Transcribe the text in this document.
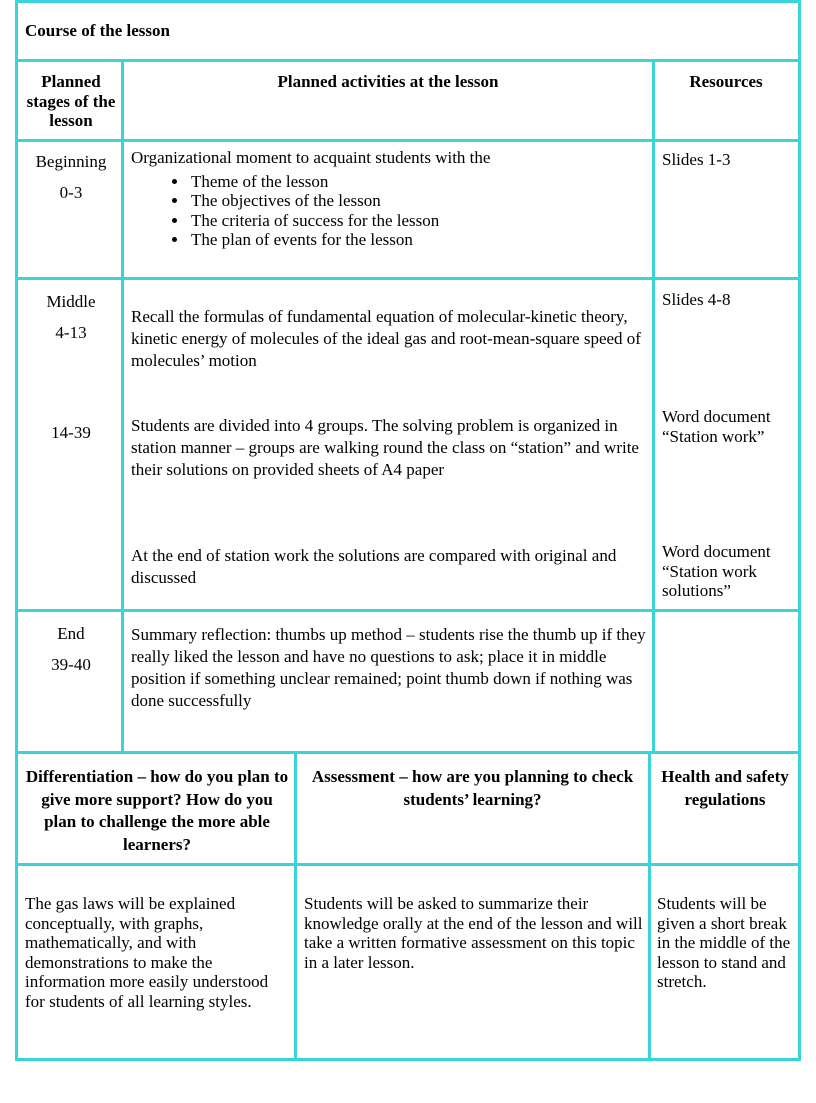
Course of the lesson
Planned stages of the lesson
Planned activities at the lesson	Resources
Beginning
0-3
Organizational moment to acquaint students with the
• Theme of the lesson
• The objectives of the lesson
• The criteria of success for the lesson
• The plan of events for the lesson
Slides 1-3
Middle
4-13
14-39
Recall the formulas of fundamental equation of molecular-kinetic theory, kinetic energy of molecules of the ideal gas and root-mean-square speed of molecules’ motion
Students are divided into 4 groups. The solving problem is organized in station manner – groups are walking round the class on “station” and write their solutions on provided sheets of A4 paper
At the end of station work the solutions are compared with original and discussed
Slides 4-8
Word document “Station work”
Word document “Station work solutions”
End
39-40
Summary reflection: thumbs up method – students rise the thumb up if they really liked the lesson and have no questions to ask; place it in middle position if something unclear remained; point thumb down if nothing was done successfully
Differentiation – how do you plan to give more support? How do you plan to challenge the more able learners?
Assessment – how are you planning to check students’ learning?
Health and safety regulations
The gas laws will be explained conceptually, with graphs, mathematically, and with demonstrations to make the information more easily understood for students of all learning styles.
Students will be asked to summarize their knowledge orally at the end of the lesson and will take a written formative assessment on this topic in a later lesson.
Students will be given a short break in the middle of the lesson to stand and stretch.
